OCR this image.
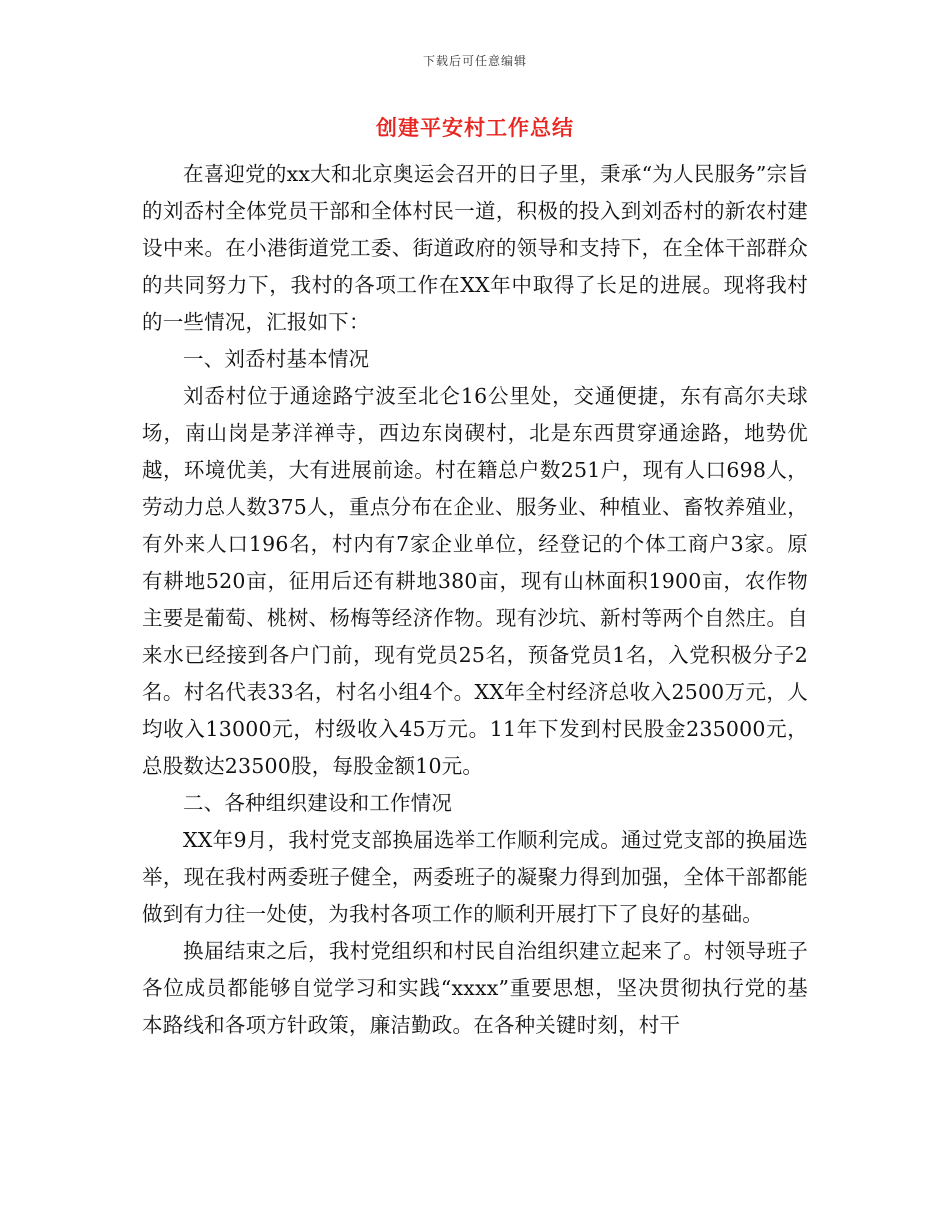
下载后可任意编辑
创建平安村工作总结

在喜迎党的xx大和北京奥运会召开的日子里，秉承“为人民服务”宗旨的刘岙村全体党员干部和全体村民一道，积极的投入到刘岙村的新农村建设中来。在小港街道党工委、街道政府的领导和支持下，在全体干部群众的共同努力下，我村的各项工作在XX年中取得了长足的进展。现将我村的一些情况，汇报如下：

一、刘岙村基本情况

刘岙村位于通途路宁波至北仑16公里处，交通便捷，东有高尔夫球场，南山岗是茅洋禅寺，西边东岗碶村，北是东西贯穿通途路，地势优越，环境优美，大有进展前途。村在籍总户数251户，现有人口698人，劳动力总人数375人，重点分布在企业、服务业、种植业、畜牧养殖业，有外来人口196名，村内有7家企业单位，经登记的个体工商户3家。原有耕地520亩，征用后还有耕地380亩，现有山林面积1900亩，农作物主要是葡萄、桃树、杨梅等经济作物。现有沙坑、新村等两个自然庄。自来水已经接到各户门前，现有党员25名，预备党员1名，入党积极分子2名。村名代表33名，村名小组4个。XX年全村经济总收入2500万元，人均收入13000元，村级收入45万元。11年下发到村民股金235000元，总股数达23500股，每股金额10元。

二、各种组织建设和工作情况

XX年9月，我村党支部换届选举工作顺利完成。通过党支部的换届选举，现在我村两委班子健全，两委班子的凝聚力得到加强，全体干部都能做到有力往一处使，为我村各项工作的顺利开展打下了良好的基础。

换届结束之后，我村党组织和村民自治组织建立起来了。村领导班子各位成员都能够自觉学习和实践“xxxx”重要思想，坚决贯彻执行党的基本路线和各项方针政策，廉洁勤政。在各种关键时刻，村干
